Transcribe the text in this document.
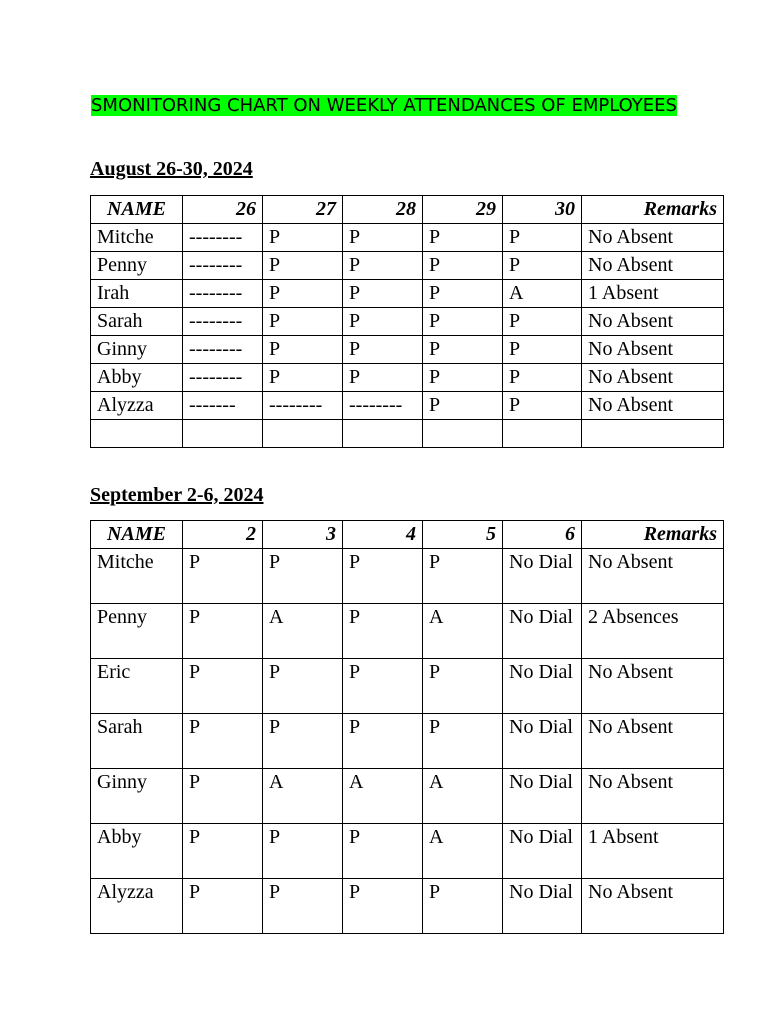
SMONITORING CHART ON WEEKLY ATTENDANCES OF EMPLOYEES

August 26-30, 2024

NAME	26	27	28	29	30	Remarks
Mitche	--------	P	P	P	P	No Absent
Penny	--------	P	P	P	P	No Absent
Irah	--------	P	P	P	A	1 Absent
Sarah	--------	P	P	P	P	No Absent
Ginny	--------	P	P	P	P	No Absent
Abby	--------	P	P	P	P	No Absent
Alyzza	-------	--------	--------	P	P	No Absent

September 2-6, 2024

NAME	2	3	4	5	6	Remarks
Mitche	P	P	P	P	No Dial	No Absent
Penny	P	A	P	A	No Dial	2 Absences
Eric	P	P	P	P	No Dial	No Absent
Sarah	P	P	P	P	No Dial	No Absent
Ginny	P	A	A	A	No Dial	No Absent
Abby	P	P	P	A	No Dial	1 Absent
Alyzza	P	P	P	P	No Dial	No Absent
